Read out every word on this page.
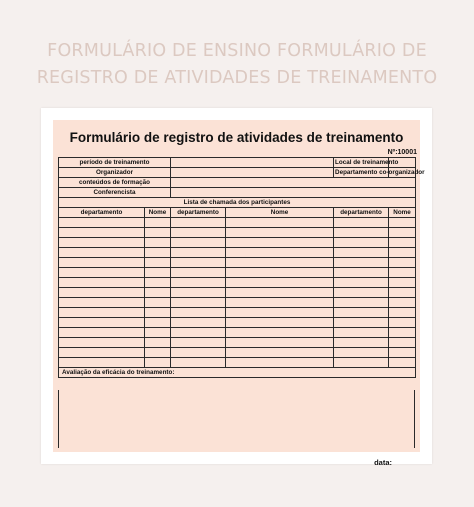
FORMULÁRIO DE ENSINO FORMULÁRIO DE
REGISTRO DE ATIVIDADES DE TREINAMENTO
Formulário de registro de atividades de treinamento
Nº:10001
período de treinamento				Local de treinamento	
Organizador				Departamento co-organizador	
conteúdos de formação					
Conferencista					
Lista de chamada dos participantes					
departamento	Nome	departamento	Nome	departamento	Nome

Avaliação da eficácia do treinamento:					
data:
